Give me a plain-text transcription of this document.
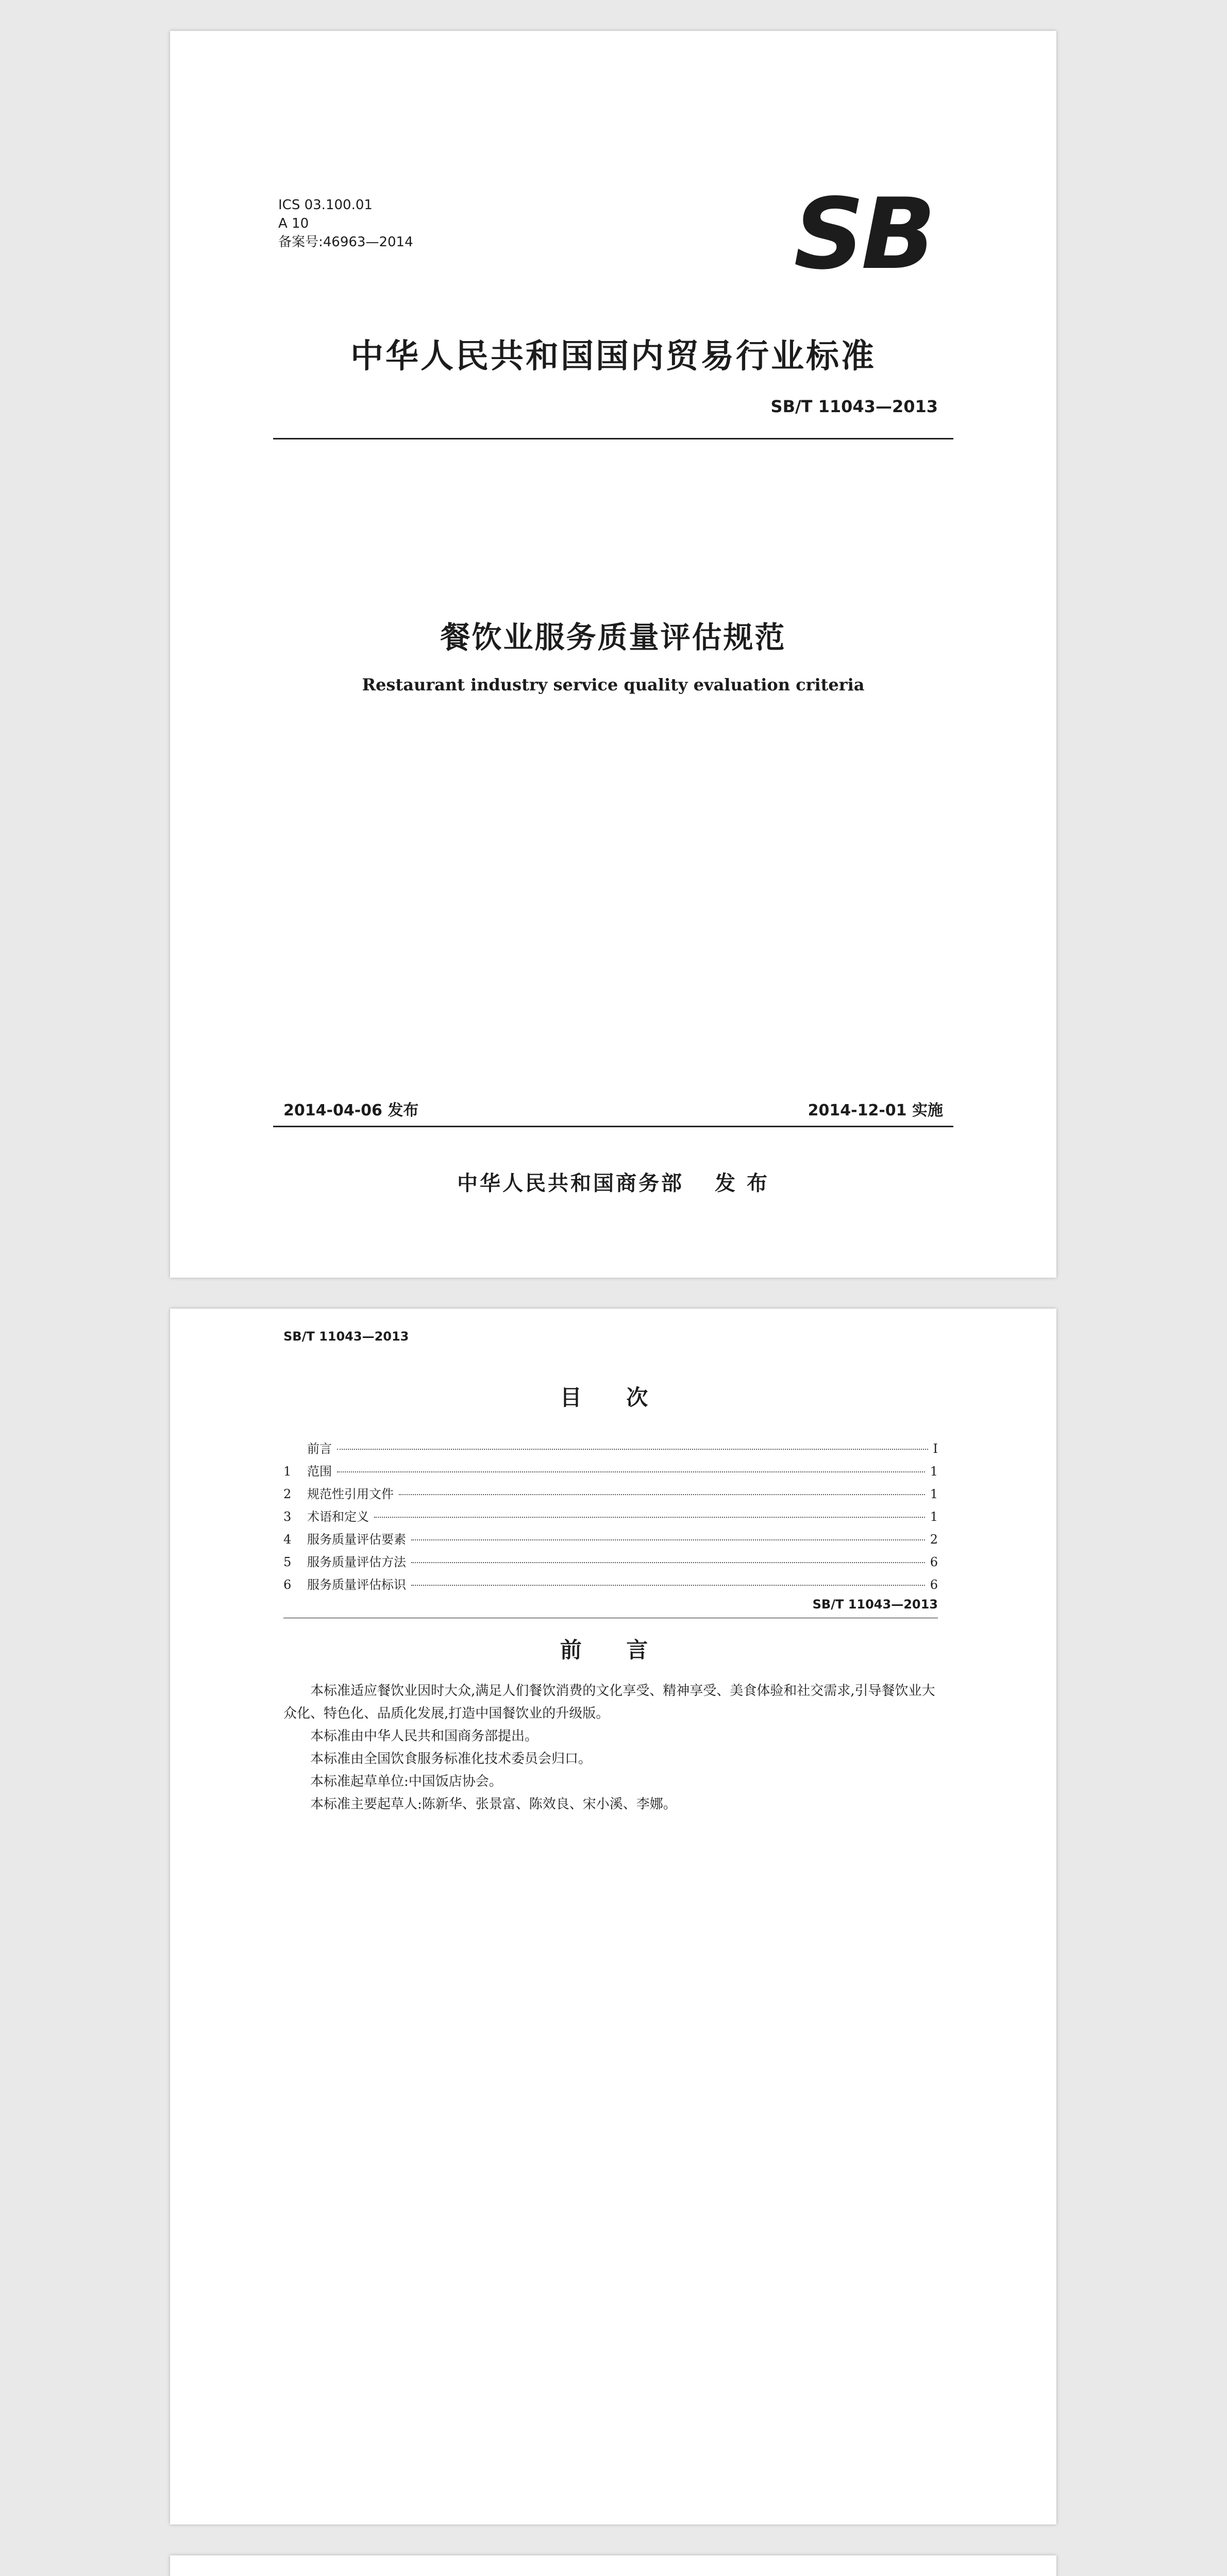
ICS 03.100.01
A 10
备案号:46963—2014	SB
中华人民共和国国内贸易行业标准
SB/T 11043—2013
餐饮业服务质量评估规范
Restaurant industry service quality evaluation criteria
2014-04-06 发布	2014-12-01 实施
中华人民共和国商务部 发 布
SB/T 11043—2013
目 次
前言	Ⅰ
1	范围	1
2	规范性引用文件	1
3	术语和定义	1
4	服务质量评估要素	2
5	服务质量评估方法	6
6	服务质量评估标识	6
SB/T 11043—2013
前 言

本标准适应餐饮业因时大众,满足人们餐饮消费的文化享受、精神享受、美食体验和社交需求,引导餐饮业大众化、特色化、品质化发展,打造中国餐饮业的升级版。

本标准由中华人民共和国商务部提出。

本标准由全国饮食服务标准化技术委员会归口。

本标准起草单位:中国饭店协会。

本标准主要起草人:陈新华、张景富、陈效良、宋小溪、李娜。
